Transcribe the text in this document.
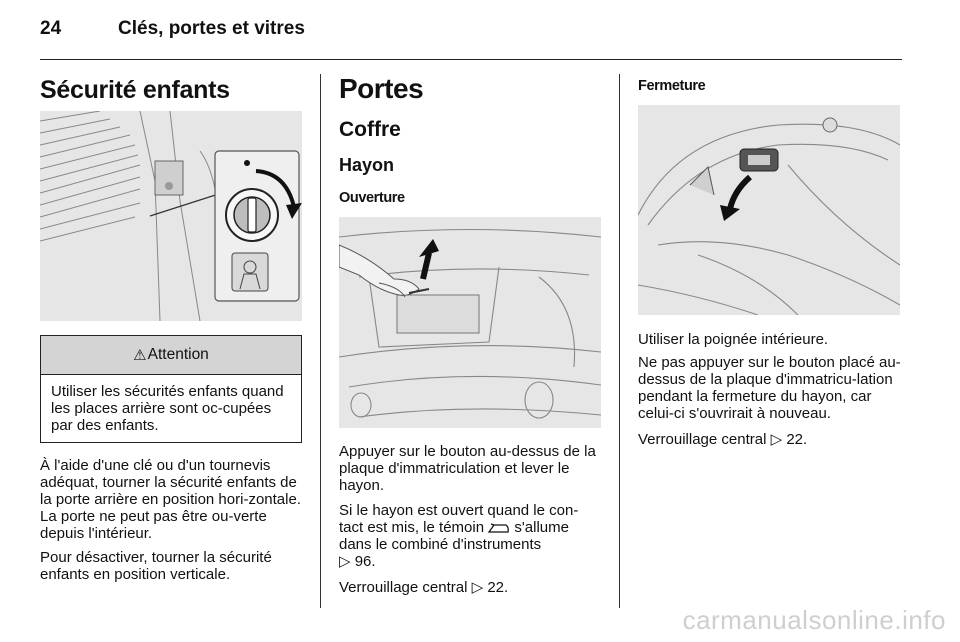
24	Clés, portes et vitres
Sécurité enfants
⚠ Attention
Utiliser les sécurités enfants quand les places arrière sont oc-cupées par des enfants.

À l'aide d'une clé ou d'un tournevis adéquat, tourner la sécurité enfants de la porte arrière en position hori-zontale. La porte ne peut pas être ou-verte depuis l'intérieur.

Pour désactiver, tourner la sécurité enfants en position verticale.

Portes
Coffre
Hayon
Ouverture

Appuyer sur le bouton au-dessus de la plaque d'immatriculation et lever le hayon.

Si le hayon est ouvert quand le con-tact est mis, le témoin s'allume dans le combiné d'instruments
▷ 96.

Verrouillage central ▷ 22.

Fermeture

Utiliser la poignée intérieure.

Ne pas appuyer sur le bouton placé au-dessus de la plaque d'immatricu-lation pendant la fermeture du hayon, car celui-ci s'ouvrirait à nouveau.

Verrouillage central ▷ 22.

carmanualsonline.info
